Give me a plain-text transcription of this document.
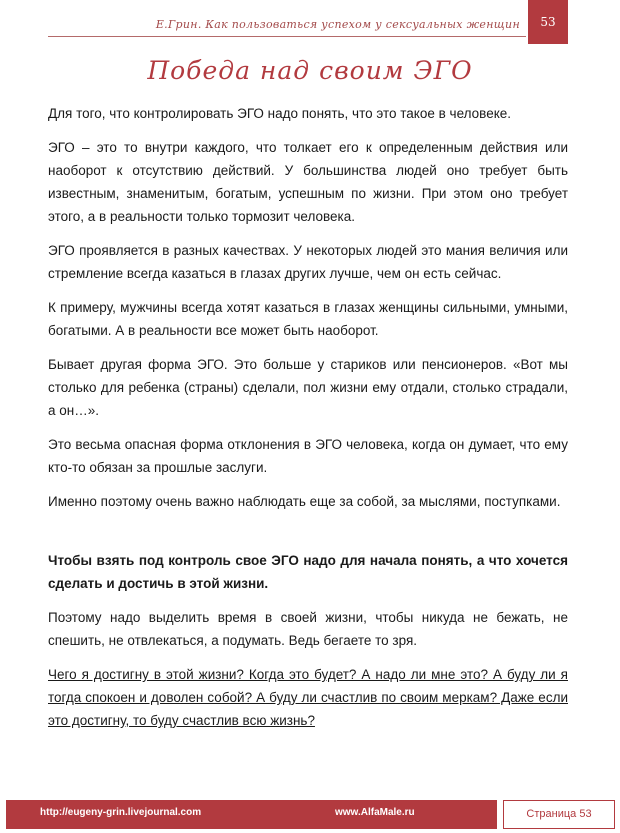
Е.Грин. Как пользоваться успехом у сексуальных женщин	53
Победа над своим ЭГО

Для того, что контролировать ЭГО надо понять, что это такое в человеке.

ЭГО – это то внутри каждого, что толкает его к определенным действия или наоборот к отсутствию действий. У большинства людей оно требует быть известным, знаменитым, богатым, успешным по жизни. При этом оно требует этого, а в реальности только тормозит человека.

ЭГО проявляется в разных качествах. У некоторых людей это мания величия или стремление всегда казаться в глазах других лучше, чем он есть сейчас.

К примеру, мужчины всегда хотят казаться в глазах женщины сильными, умными, богатыми. А в реальности все может быть наоборот.

Бывает другая форма ЭГО. Это больше у стариков или пенсионеров. «Вот мы столько для ребенка (страны) сделали, пол жизни ему отдали, столько страдали, а он…».

Это весьма опасная форма отклонения в ЭГО человека, когда он думает, что ему кто-то обязан за прошлые заслуги.

Именно поэтому очень важно наблюдать еще за собой, за мыслями, поступками.

Чтобы взять под контроль свое ЭГО надо для начала понять, а что хочется сделать и достичь в этой жизни.

Поэтому надо выделить время в своей жизни, чтобы никуда не бежать, не спешить, не отвлекаться, а подумать. Ведь бегаете то зря.

Чего я достигну в этой жизни? Когда это будет? А надо ли мне это? А буду ли я тогда спокоен и доволен собой? А буду ли счастлив по своим меркам? Даже если это достигну, то буду счастлив всю жизнь?

http://eugeny-grin.livejournal.com	www.AlfaMale.ru	Страница 53
